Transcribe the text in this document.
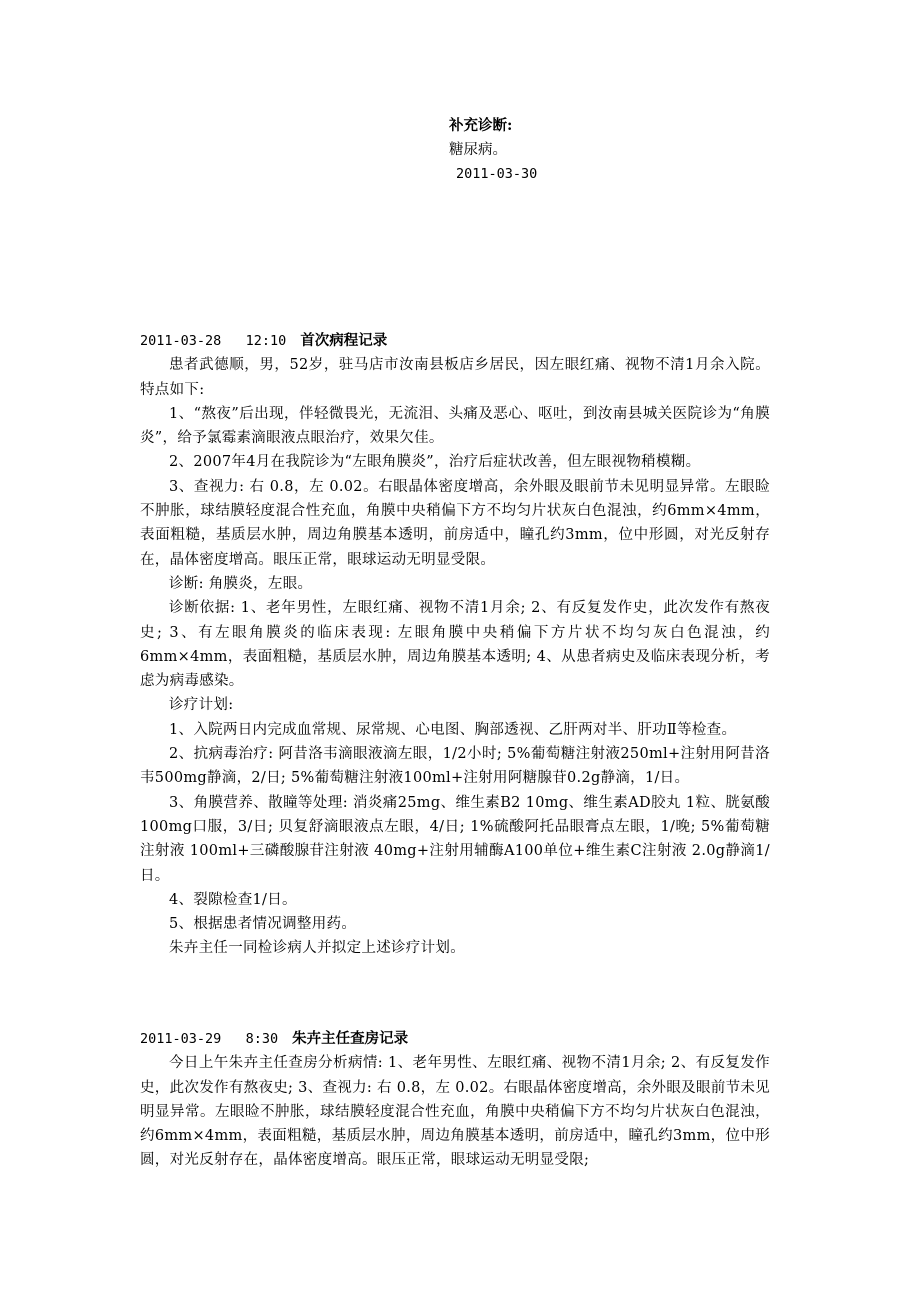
补充诊断:
糖尿病。
2011-03-30
2011-03-28   12:10 首次病程记录

患者武德顺，男，52岁，驻马店市汝南县板店乡居民，因左眼红痛、视物不清1月余入院。特点如下:

1、“熬夜”后出现，伴轻微畏光，无流泪、头痛及恶心、呕吐，到汝南县城关医院诊为“角膜炎”，给予氯霉素滴眼液点眼治疗，效果欠佳。

2、2007年4月在我院诊为“左眼角膜炎”，治疗后症状改善，但左眼视物稍模糊。

3、查视力: 右 0.8，左 0.02。右眼晶体密度增高，余外眼及眼前节未见明显异常。左眼睑不肿胀，球结膜轻度混合性充血，角膜中央稍偏下方不均匀片状灰白色混浊，约6mm×4mm，表面粗糙，基质层水肿，周边角膜基本透明，前房适中，瞳孔约3mm，位中形圆，对光反射存在，晶体密度增高。眼压正常，眼球运动无明显受限。

诊断: 角膜炎，左眼。

诊断依据: 1、老年男性，左眼红痛、视物不清1月余; 2、有反复发作史，此次发作有熬夜史; 3、有左眼角膜炎的临床表现: 左眼角膜中央稍偏下方片状不均匀灰白色混浊，约6mm×4mm，表面粗糙，基质层水肿，周边角膜基本透明; 4、从患者病史及临床表现分析，考虑为病毒感染。

诊疗计划:

1、入院两日内完成血常规、尿常规、心电图、胸部透视、乙肝两对半、肝功Ⅱ等检查。

2、抗病毒治疗: 阿昔洛韦滴眼液滴左眼，1/2小时; 5%葡萄糖注射液250ml+注射用阿昔洛韦500mg静滴，2/日; 5%葡萄糖注射液100ml+注射用阿糖腺苷0.2g静滴，1/日。

3、角膜营养、散瞳等处理: 消炎痛25mg、维生素B2 10mg、维生素AD胶丸 1粒、胱氨酸100mg口服，3/日; 贝复舒滴眼液点左眼，4/日; 1%硫酸阿托品眼膏点左眼，1/晚; 5%葡萄糖注射液 100ml+三磷酸腺苷注射液 40mg+注射用辅酶A100单位+维生素C注射液 2.0g静滴1/日。

4、裂隙检查1/日。

5、根据患者情况调整用药。

朱卉主任一同检诊病人并拟定上述诊疗计划。

2011-03-29   8:30 朱卉主任查房记录

今日上午朱卉主任查房分析病情: 1、老年男性、左眼红痛、视物不清1月余; 2、有反复发作史，此次发作有熬夜史; 3、查视力: 右 0.8，左 0.02。右眼晶体密度增高，余外眼及眼前节未见明显异常。左眼睑不肿胀，球结膜轻度混合性充血，角膜中央稍偏下方不均匀片状灰白色混浊，约6mm×4mm，表面粗糙，基质层水肿，周边角膜基本透明，前房适中，瞳孔约3mm，位中形圆，对光反射存在，晶体密度增高。眼压正常，眼球运动无明显受限;
